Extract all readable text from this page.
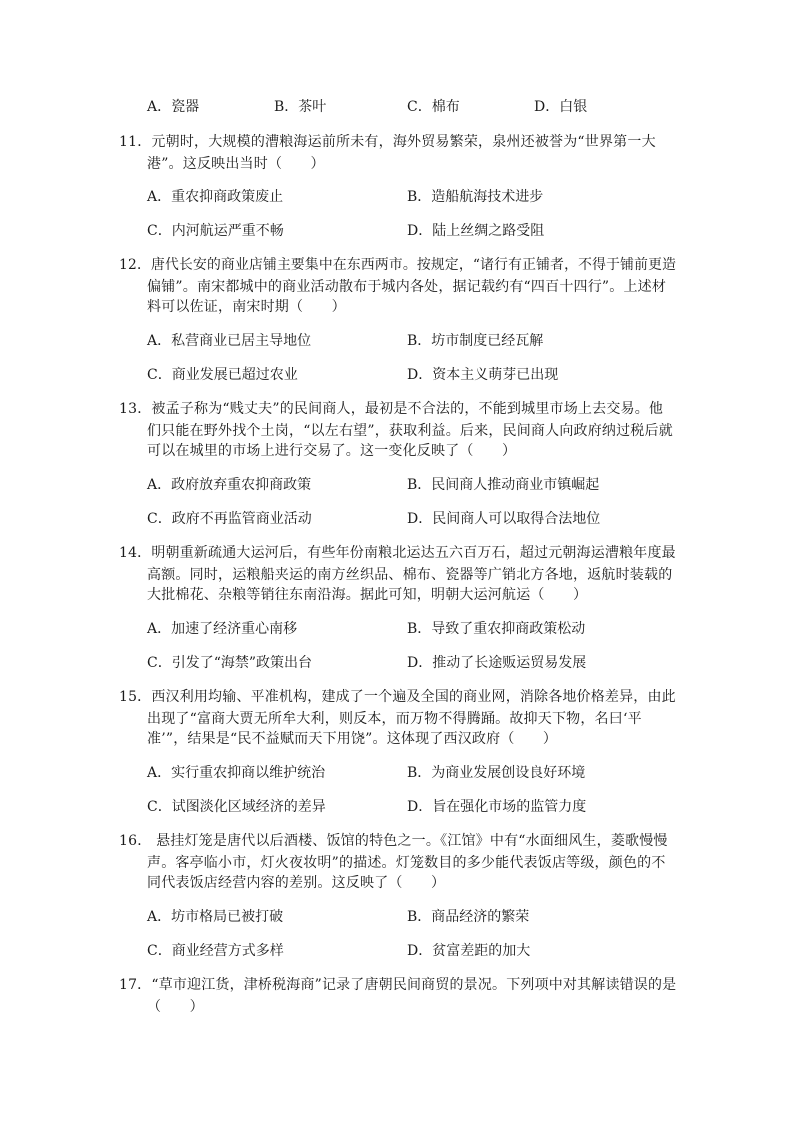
A．瓷器	B．茶叶	C．棉布	D．白银
11．元朝时，大规模的漕粮海运前所未有，海外贸易繁荣，泉州还被誉为“世界第一大
港”。这反映出当时（　　）
A．重农抑商政策废止	B．造船航海技术进步
C．内河航运严重不畅	D．陆上丝绸之路受阻
12．唐代长安的商业店铺主要集中在东西两市。按规定，“诸行有正铺者，不得于铺前更造
偏铺”。南宋都城中的商业活动散布于城内各处，据记载约有“四百十四行”。上述材
料可以佐证，南宋时期（　　）
A．私营商业已居主导地位	B．坊市制度已经瓦解
C．商业发展已超过农业	D．资本主义萌芽已出现
13．被孟子称为“贱丈夫”的民间商人，最初是不合法的，不能到城里市场上去交易。他
们只能在野外找个土岗，“以左右望”，获取利益。后来，民间商人向政府纳过税后就
可以在城里的市场上进行交易了。这一变化反映了（　　）
A．政府放弃重农抑商政策	B．民间商人推动商业市镇崛起
C．政府不再监管商业活动	D．民间商人可以取得合法地位
14．明朝重新疏通大运河后，有些年份南粮北运达五六百万石，超过元朝海运漕粮年度最
高额。同时，运粮船夹运的南方丝织品、棉布、瓷器等广销北方各地，返航时装载的
大批棉花、杂粮等销往东南沿海。据此可知，明朝大运河航运（　　）
A．加速了经济重心南移	B．导致了重农抑商政策松动
C．引发了“海禁”政策出台	D．推动了长途贩运贸易发展
15．西汉利用均输、平准机构，建成了一个遍及全国的商业网，消除各地价格差异，由此
出现了“富商大贾无所牟大利，则反本，而万物不得腾踊。故抑天下物，名曰‘平
准’”，结果是“民不益赋而天下用饶”。这体现了西汉政府（　　）
A．实行重农抑商以维护统治	B．为商业发展创设良好环境
C．试图淡化区域经济的差异	D．旨在强化市场的监管力度
16． 悬挂灯笼是唐代以后酒楼、饭馆的特色之一。《江馆》中有“水面细风生，菱歌慢慢
声。客亭临小市，灯火夜妆明”的描述。灯笼数目的多少能代表饭店等级，颜色的不
同代表饭店经营内容的差别。这反映了（　　）
A．坊市格局已被打破	B．商品经济的繁荣
C．商业经营方式多样	D．贫富差距的加大
17．“草市迎江货，津桥税海商”记录了唐朝民间商贸的景况。下列项中对其解读错误的是
（　　）
